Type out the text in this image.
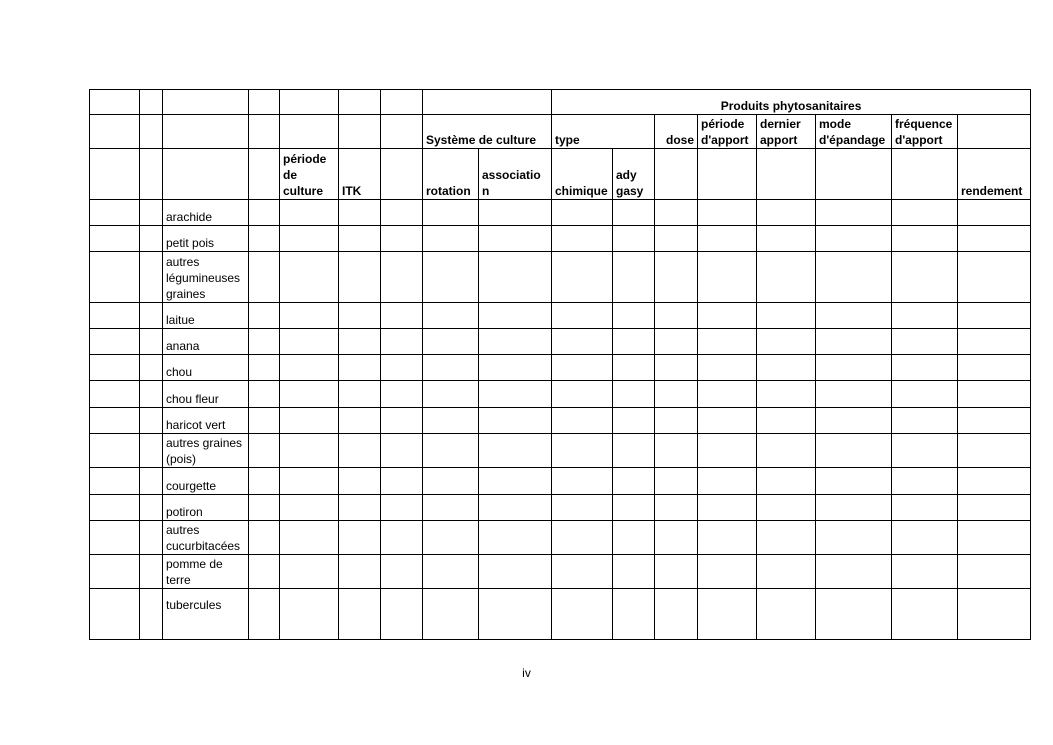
									Produits phytosanitaires							
							Système de culture		type		dose	période d'apport	dernier apport	mode d'épandage	fréquence d'apport	
				période de culture	ITK		rotation	association	chimique	ady gasy						rendement
		arachide														
		petit pois														
		autres légumineuses graines														
		laitue														
		anana														
		chou														
		chou fleur														
		haricot vert														
		autres graines (pois)														
		courgette														
		potiron														
		autres cucurbitacées														
		pomme de terre														
		tubercules														
iv
